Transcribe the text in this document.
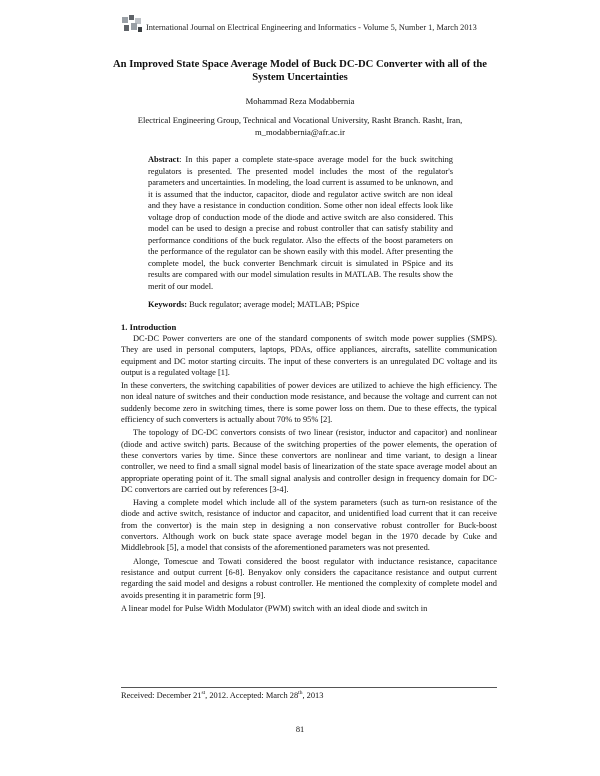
International Journal on Electrical Engineering and Informatics - Volume 5, Number 1, March 2013
An Improved State Space Average Model of Buck DC-DC Converter with all of the System Uncertainties
Mohammad Reza Modabbernia
Electrical Engineering Group, Technical and Vocational University, Rasht Branch. Rasht, Iran,
m_modabbernia@afr.ac.ir
Abstract: In this paper a complete state-space average model for the buck switching regulators is presented. The presented model includes the most of the regulator's parameters and uncertainties. In modeling, the load current is assumed to be unknown, and it is assumed that the inductor, capacitor, diode and regulator active switch are non ideal and they have a resistance in conduction condition. Some other non ideal effects look like voltage drop of conduction mode of the diode and active switch are also considered. This model can be used to design a precise and robust controller that can satisfy stability and performance conditions of the buck regulator. Also the effects of the boost parameters on the performance of the regulator can be shown easily with this model. After presenting the complete model, the buck converter Benchmark circuit is simulated in PSpice and its results are compared with our model simulation results in MATLAB. The results show the merit of our model.
Keywords: Buck regulator; average model; MATLAB; PSpice
1. Introduction

DC-DC Power converters are one of the standard components of switch mode power supplies (SMPS). They are used in personal computers, laptops, PDAs, office appliances, aircrafts, satellite communication equipment and DC motor starting circuits. The input of these converters is an unregulated DC voltage and its output is a regulated voltage [1].

In these converters, the switching capabilities of power devices are utilized to achieve the high efficiency. The non ideal nature of switches and their conduction mode resistance, and because the voltage and current can not suddenly become zero in switching times, there is some power loss on them. Due to these effects, the typical efficiency of such converters is actually about 70% to 95% [2].

The topology of DC-DC convertors consists of two linear (resistor, inductor and capacitor) and nonlinear (diode and active switch) parts. Because of the switching properties of the power elements, the operation of these convertors varies by time. Since these convertors are nonlinear and time variant, to design a linear controller, we need to find a small signal model basis of linearization of the state space average model about an appropriate operating point of it. The small signal analysis and controller design in frequency domain for DC-DC convertors are carried out by references [3-4].

Having a complete model which include all of the system parameters (such as turn-on resistance of the diode and active switch, resistance of inductor and capacitor, and unidentified load current that it can receive from the convertor) is the main step in designing a non conservative robust controller for Buck-boost convertors. Although work on buck state space average model began in the 1970 decade by Cuke and Middlebrook [5], a model that consists of the aforementioned parameters was not presented.

Alonge, Tomescue and Towati considered the boost regulator with inductance resistance, capacitance resistance and output current [6-8]. Benyakov only considers the capacitance resistance and output current regarding the said model and designs a robust controller. He mentioned the complexity of complete model and avoids presenting it in parametric form [9].

A linear model for Pulse Width Modulator (PWM) switch with an ideal diode and switch in

Received: December 21st, 2012. Accepted: March 28th, 2013
81
